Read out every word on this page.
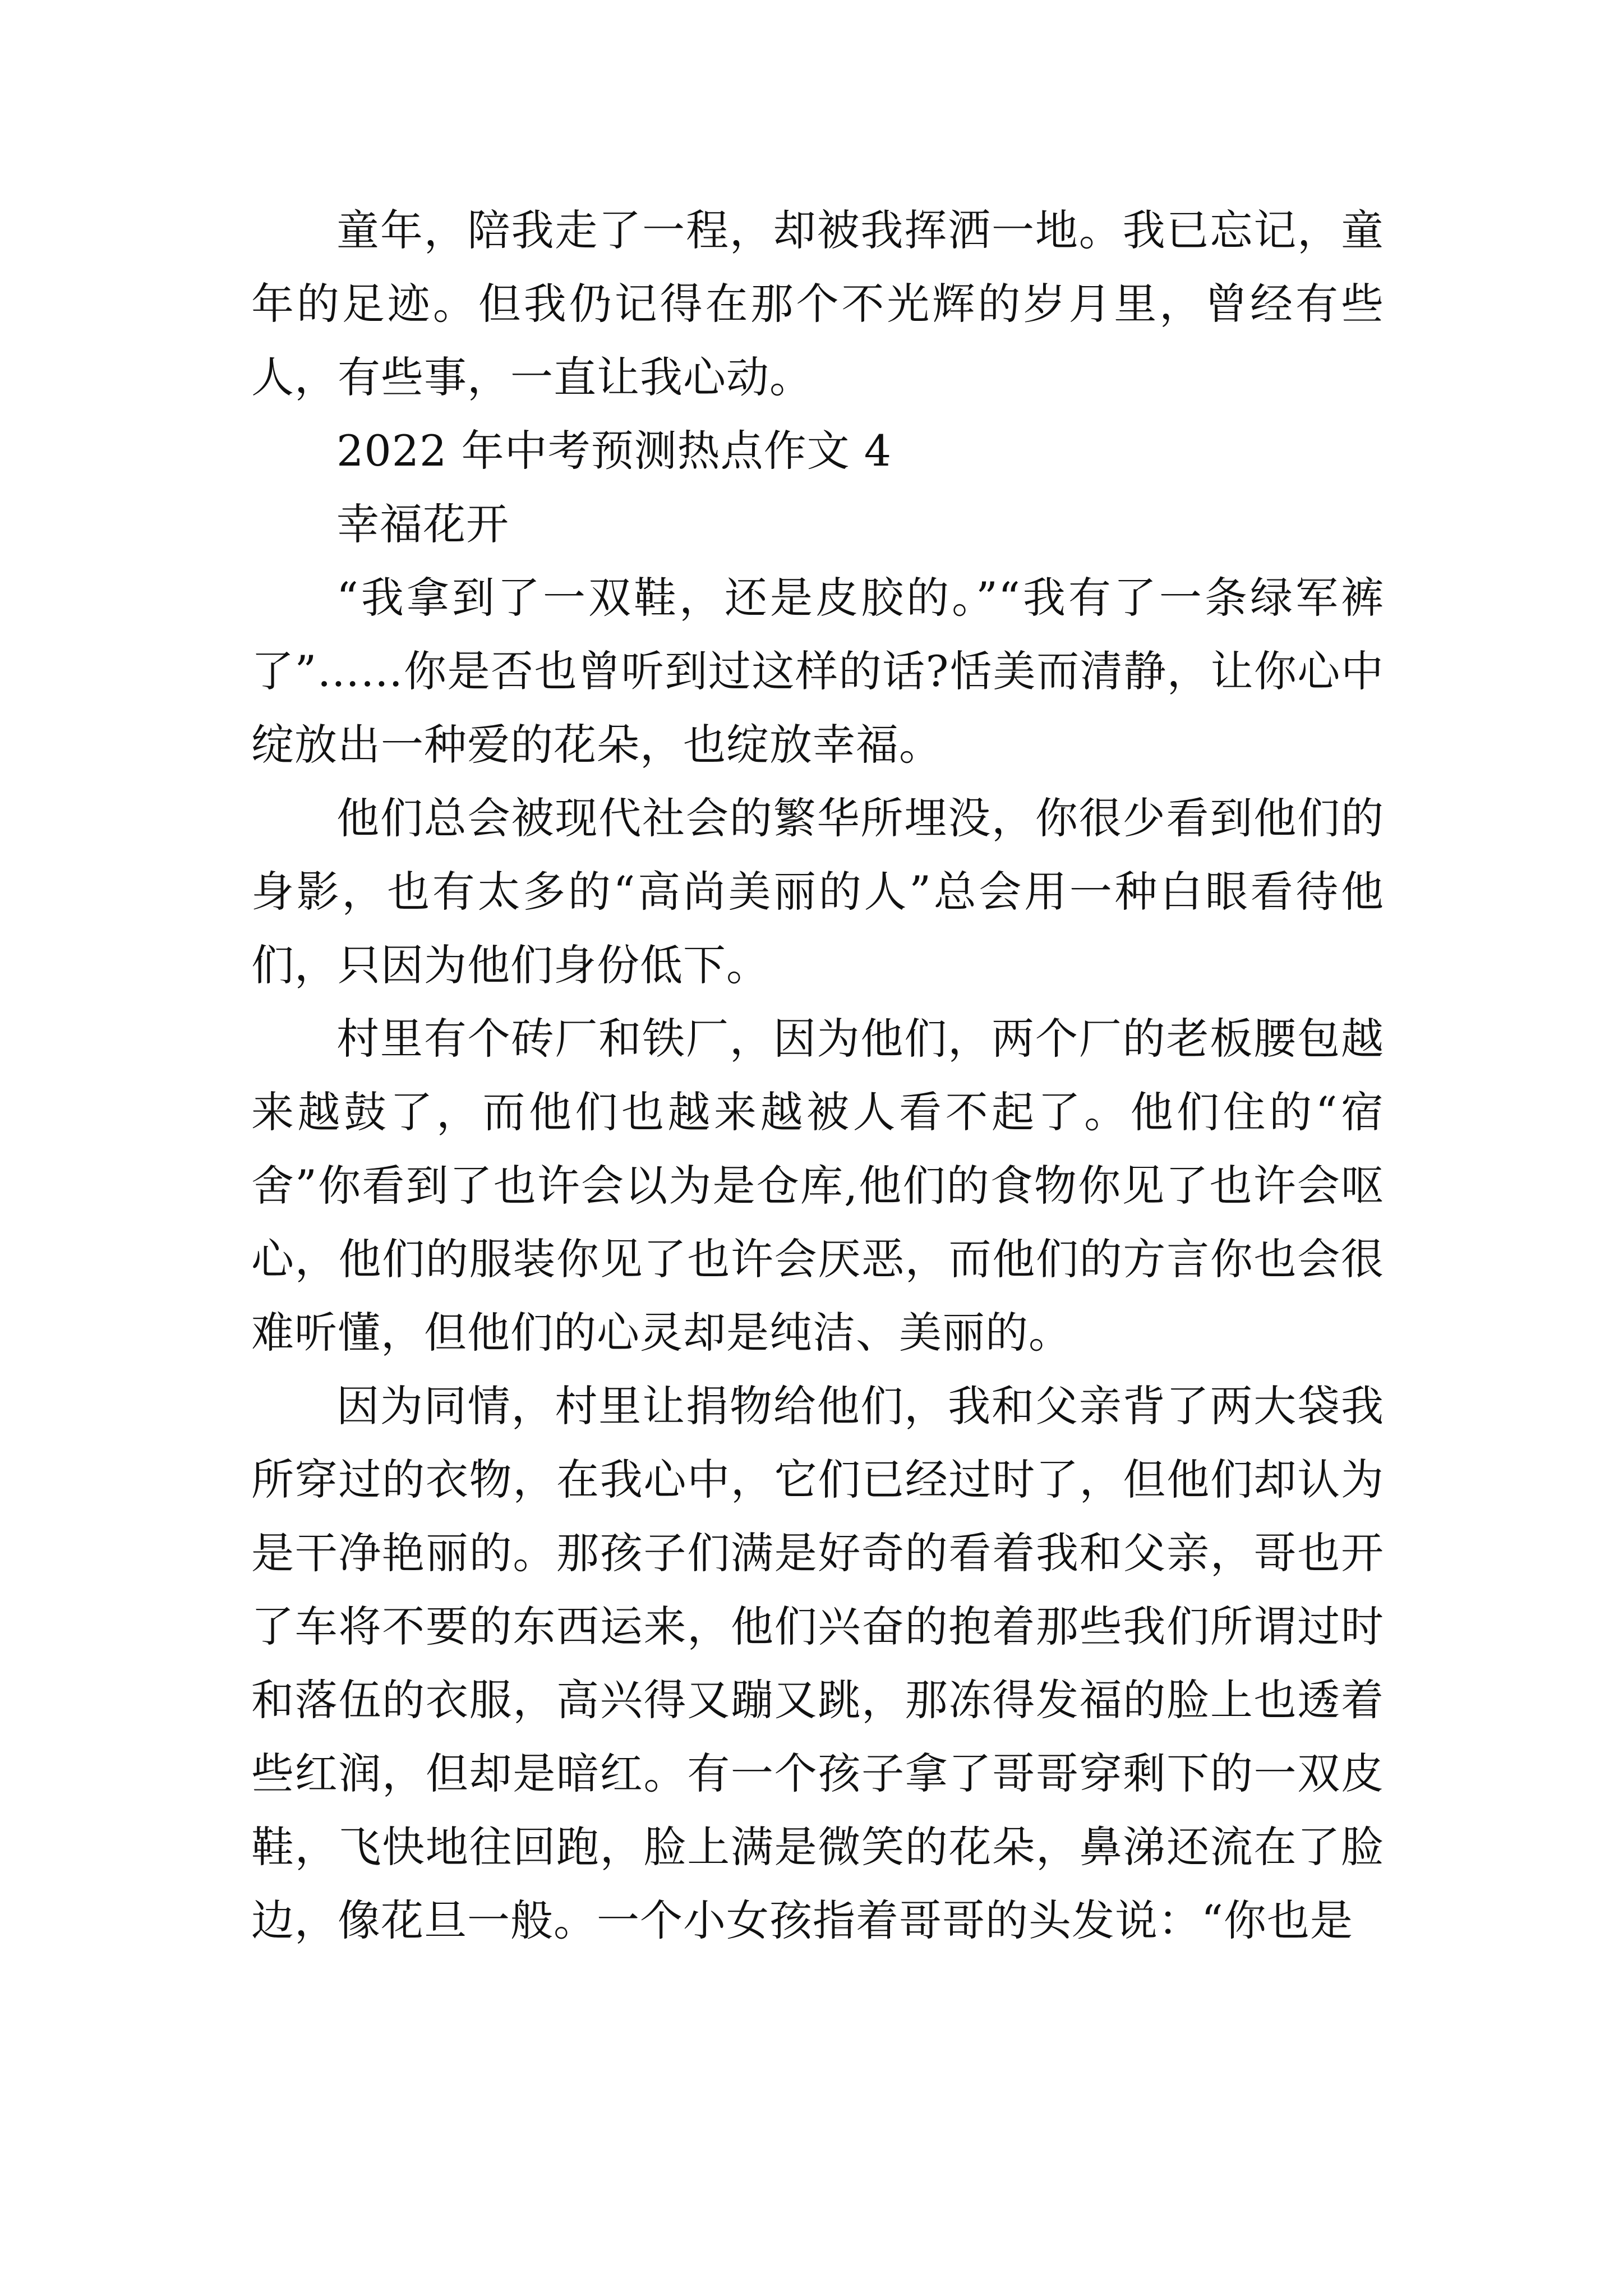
童年，陪我走了一程，却被我挥洒一地。我已忘记，童年的足迹。但我仍记得在那个不光辉的岁月里，曾经有些人，有些事，一直让我心动。

2022 年中考预测热点作文 4

幸福花开

“我拿到了一双鞋，还是皮胶的。”“我有了一条绿军裤了”……你是否也曾听到过这样的话?恬美而清静，让你心中绽放出一种爱的花朵，也绽放幸福。

他们总会被现代社会的繁华所埋没，你很少看到他们的身影，也有太多的“高尚美丽的人”总会用一种白眼看待他们，只因为他们身份低下。

村里有个砖厂和铁厂，因为他们，两个厂的老板腰包越来越鼓了，而他们也越来越被人看不起了。他们住的“宿舍”你看到了也许会以为是仓库,他们的食物你见了也许会呕心，他们的服装你见了也许会厌恶，而他们的方言你也会很难听懂，但他们的心灵却是纯洁、美丽的。

因为同情，村里让捐物给他们，我和父亲背了两大袋我所穿过的衣物，在我心中，它们已经过时了，但他们却认为是干净艳丽的。那孩子们满是好奇的看着我和父亲，哥也开了车将不要的东西运来，他们兴奋的抱着那些我们所谓过时和落伍的衣服，高兴得又蹦又跳，那冻得发福的脸上也透着些红润，但却是暗红。有一个孩子拿了哥哥穿剩下的一双皮鞋，飞快地往回跑，脸上满是微笑的花朵，鼻涕还流在了脸边，像花旦一般。一个小女孩指着哥哥的头发说：“你也是
